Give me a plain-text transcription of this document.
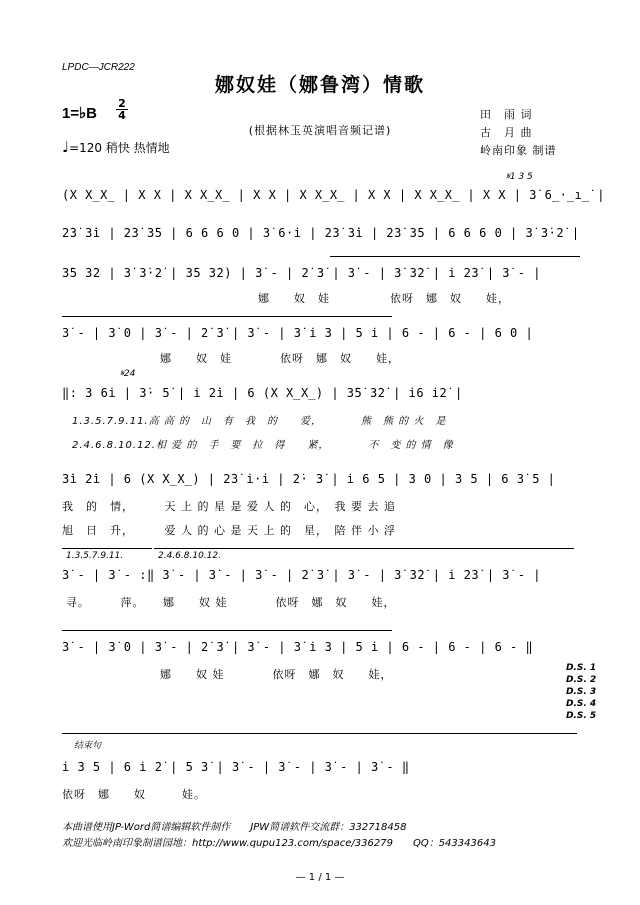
LPDC—JCR222
娜奴娃（娜鲁湾）情歌
(根据林玉英演唱音频记谱)
1=♭B
2
4
♩=120 稍快 热情地
田　雨 词
古　月 曲
岭南印象 制谱
𝄋1 3 5
(X X̲X̲ | X X | X X̲X̲ | X X | X X̲X̲ | X X | X X̲X̲ | X X | 3̇ 6̲·̲i̲̇ |
2̇3̇ 3̇i̇ | 2̇3̇ 3̇5 | 6 6 6 0 | 3̇ 6·i̇ | 2̇3̇ 3̇i̇ | 2̇3̇ 3̇5 | 6 6 6 0 | 3̇ 3̇·2̇ |
3̇5 3̇2 | 3̇ 3̇·2̇ | 3̇5 3̇2) | 3̇ - | 2̇ 3̇ | 3̇ - | 3̇ 3̇2̇ | i̇ 2̇3̇ | 3̇ - |
娜　　奴　娃　　　　　依呀　娜　奴　　娃，
3̇ - | 3̇ 0 | 3̇ - | 2̇ 3̇ | 3̇ - | 3̇ i̇ 3 | 5 i̇ | 6 - | 6 - | 6 0 |
娜　　奴　娃　　　　依呀　娜　奴　　娃，
𝄋24
‖: 3 6i̇ | 3̇· 5̇ | i̇ 2̇i̇ | 6 (X X̲X̲) | 3̇5̇ 3̇2̇ | i̇6 i̇2̇ |
1.3.5.7.9.11.高 高 的　山　有　我　的　　爱，　　　　熊　熊 的 火　是
2.4.6.8.10.12.相 爱 的　手　要　拉　得　　紧，　　　　不　变 的 情　像
3̇i̇ 2̇i̇ | 6 (X X̲X̲) | 2̇3̇ i̇·i̇ | 2̇· 3̇ | i̇ 6 5 | 3 0 | 3 5 | 6 3̇ 5 |
我　的　情，　　　天 上 的 星 是 爱 人 的　心，　我 要 去 追
旭　日　升，　　　爱 人 的 心 是 天 上 的　星，　陪 伴 小 浮
1.3.5.7.9.11.	2.4.6.8.10.12.
3̇ - | 3̇ - :‖ 3̇ - | 3̇ - | 3̇ - | 2̇ 3̇ | 3̇ - | 3̇ 3̇2̇ | i̇ 2̇3̇ | 3̇ - |
寻。　　　萍。　　娜　　奴 娃　　　　依呀　娜　奴　　娃，
3̇ - | 3̇ 0 | 3̇ - | 2̇ 3̇ | 3̇ - | 3̇ i̇ 3 | 5 i̇ | 6 - | 6 - | 6 - ‖
娜　　奴 娃　　　　依呀　娜　奴　　娃，	D.S. 1
D.S. 2
D.S. 3
D.S. 4
D.S. 5
结束句
i̇ 3 5 | 6 i̇ 2̇ | 5 3̇ | 3̇ - | 3̇ - | 3̇ - | 3̇ - ‖
依呀　娜　　奴　　　娃。
本曲谱使用JP-Word简谱编辑软件制作　　JPW简谱软件交流群：332718458
欢迎光临岭南印象制谱园地：http://www.qupu123.com/space/336279　　QQ：543343643
— 1 / 1 —
